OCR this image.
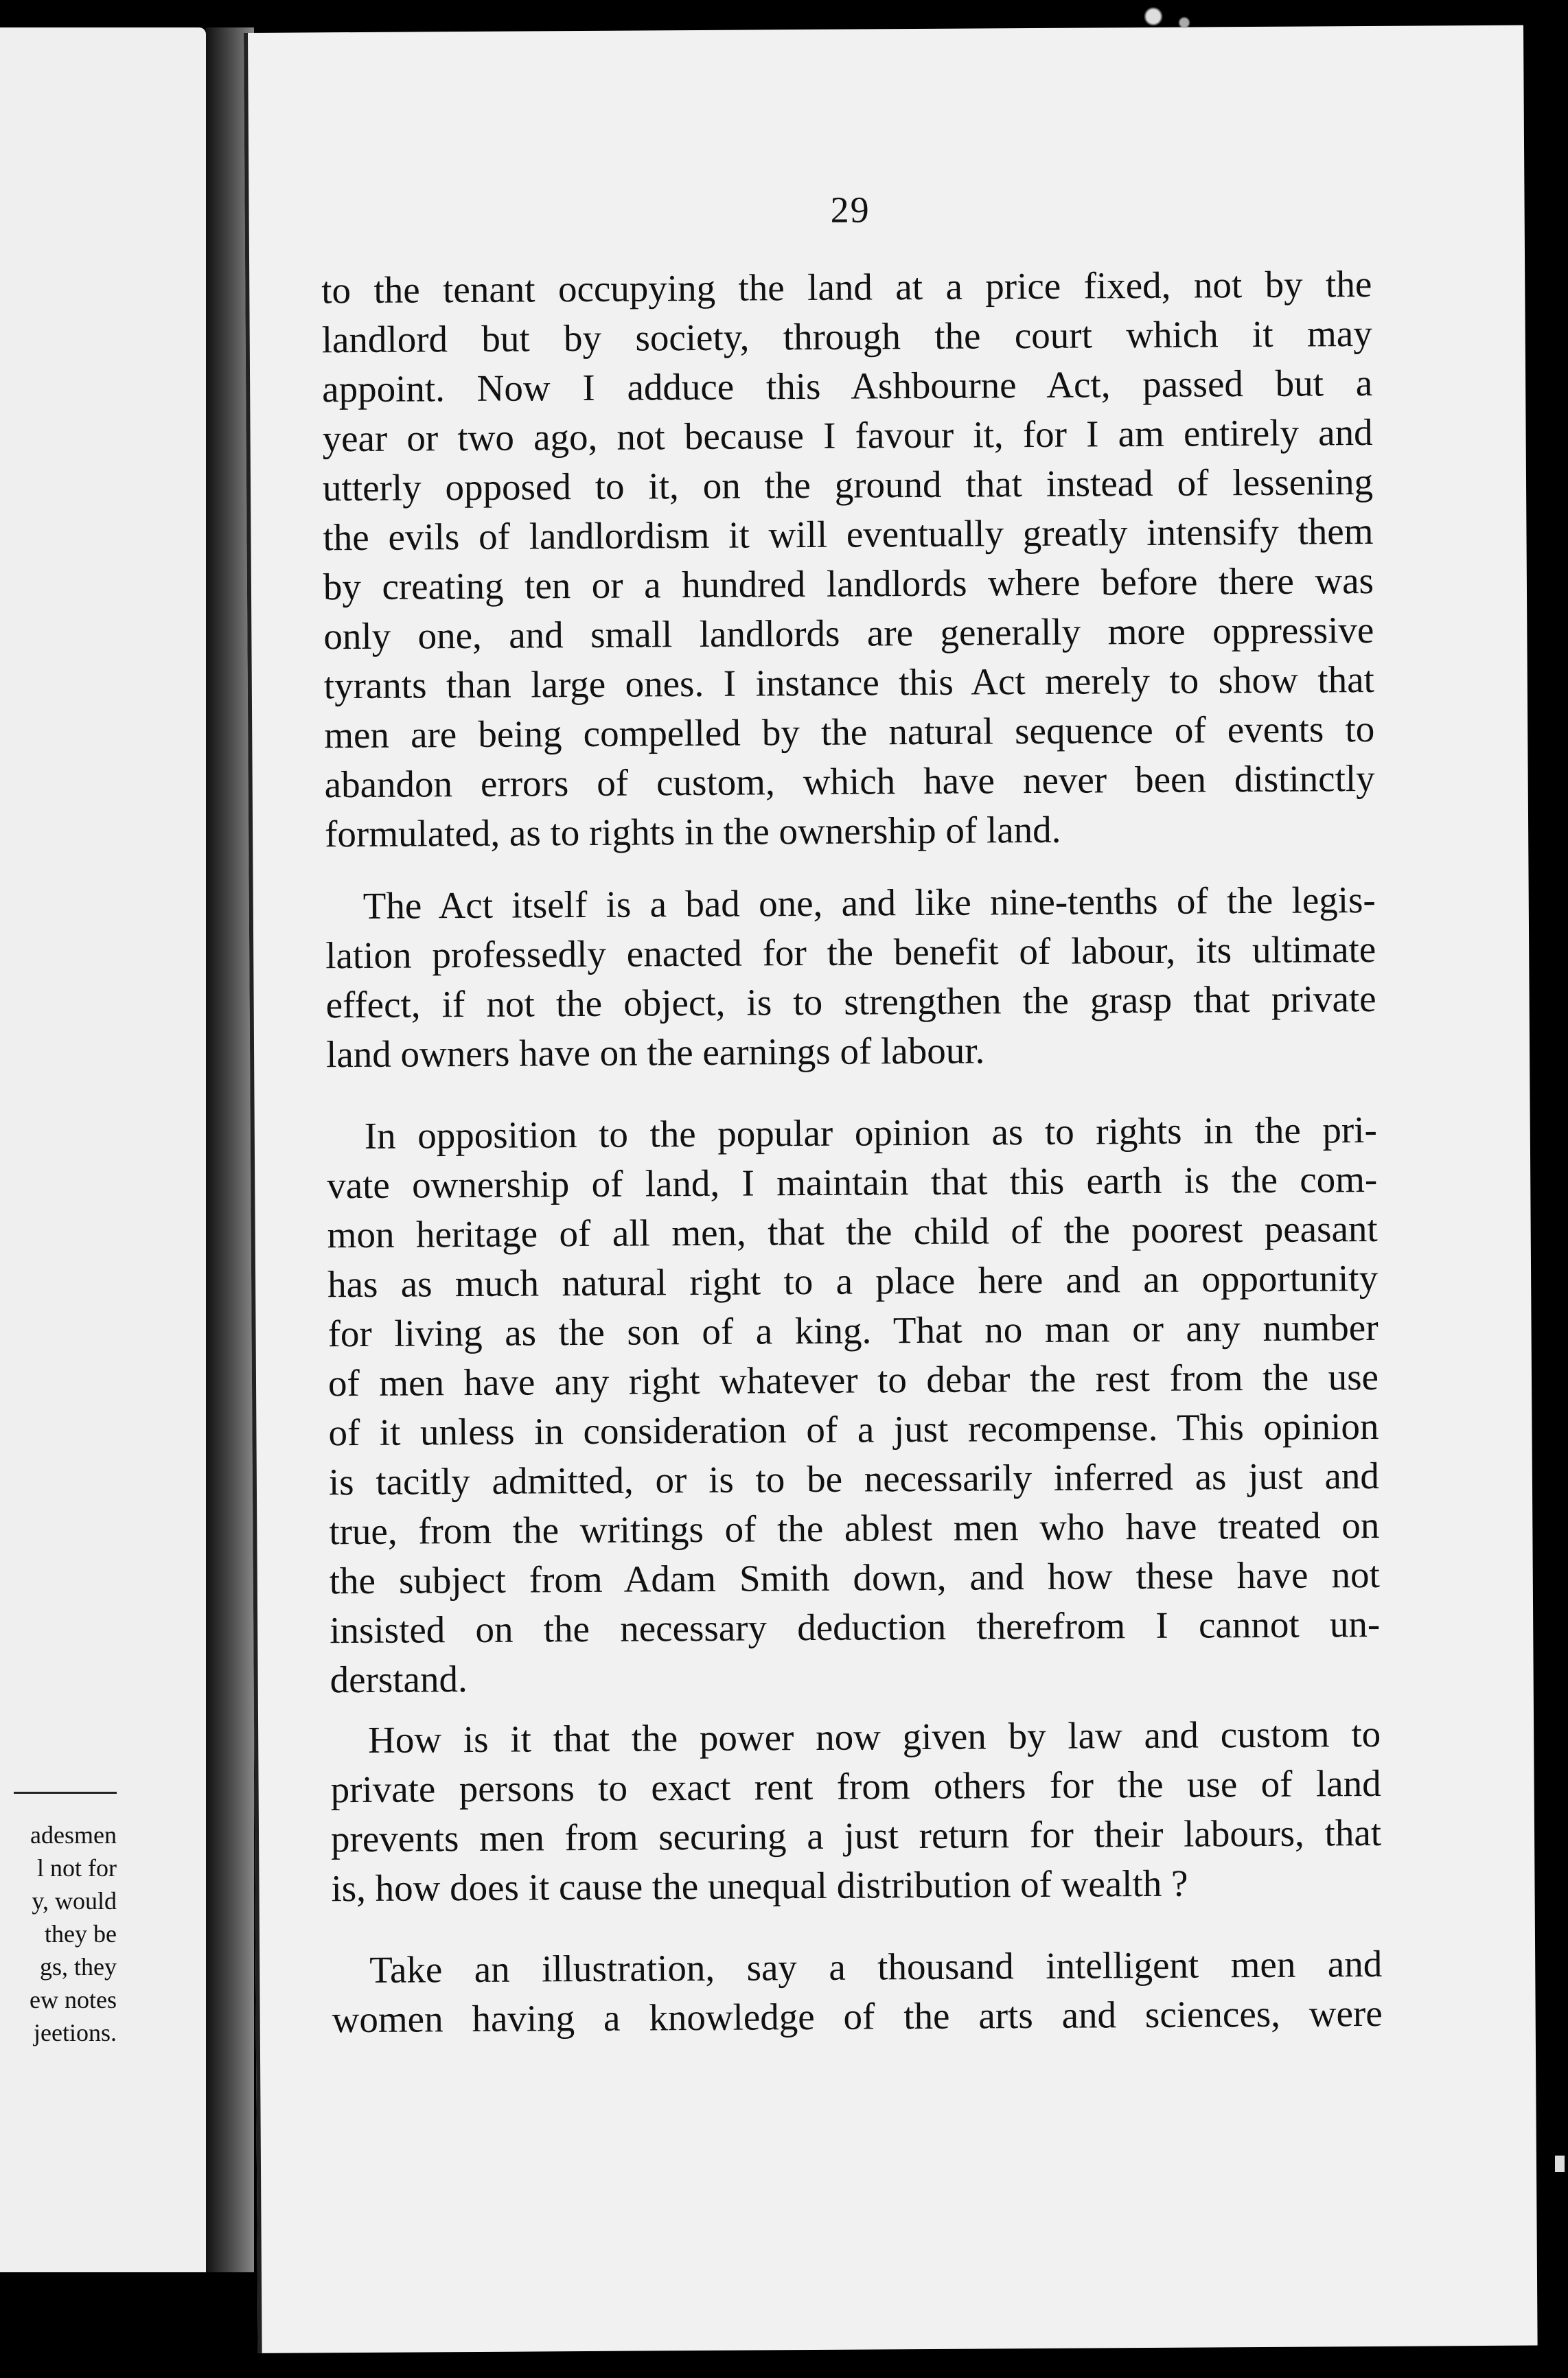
adesmen
l not for
y, would
they be
gs, they
ew notes
jeetions.
29
to the tenant occupying the land at a price fixed, not by the
landlord but by society, through the court which it may
appoint. Now I adduce this Ashbourne Act, passed but a
year or two ago, not because I favour it, for I am entirely and
utterly opposed to it, on the ground that instead of lessening
the evils of landlordism it will eventually greatly intensify them
by creating ten or a hundred landlords where before there was
only one, and small landlords are generally more oppressive
tyrants than large ones. I instance this Act merely to show that
men are being compelled by the natural sequence of events to
abandon errors of custom, which have never been distinctly
formulated, as to rights in the ownership of land.
The Act itself is a bad one, and like nine-tenths of the legis-
lation professedly enacted for the benefit of labour, its ultimate
effect, if not the object, is to strengthen the grasp that private
land owners have on the earnings of labour.
In opposition to the popular opinion as to rights in the pri-
vate ownership of land, I maintain that this earth is the com-
mon heritage of all men, that the child of the poorest peasant
has as much natural right to a place here and an opportunity
for living as the son of a king. That no man or any number
of men have any right whatever to debar the rest from the use
of it unless in consideration of a just recompense. This opinion
is tacitly admitted, or is to be necessarily inferred as just and
true, from the writings of the ablest men who have treated on
the subject from Adam Smith down, and how these have not
insisted on the necessary deduction therefrom I cannot un-
derstand.
How is it that the power now given by law and custom to
private persons to exact rent from others for the use of land
prevents men from securing a just return for their labours, that
is, how does it cause the unequal distribution of wealth ?
Take an illustration, say a thousand intelligent men and
women having a knowledge of the arts and sciences, were
